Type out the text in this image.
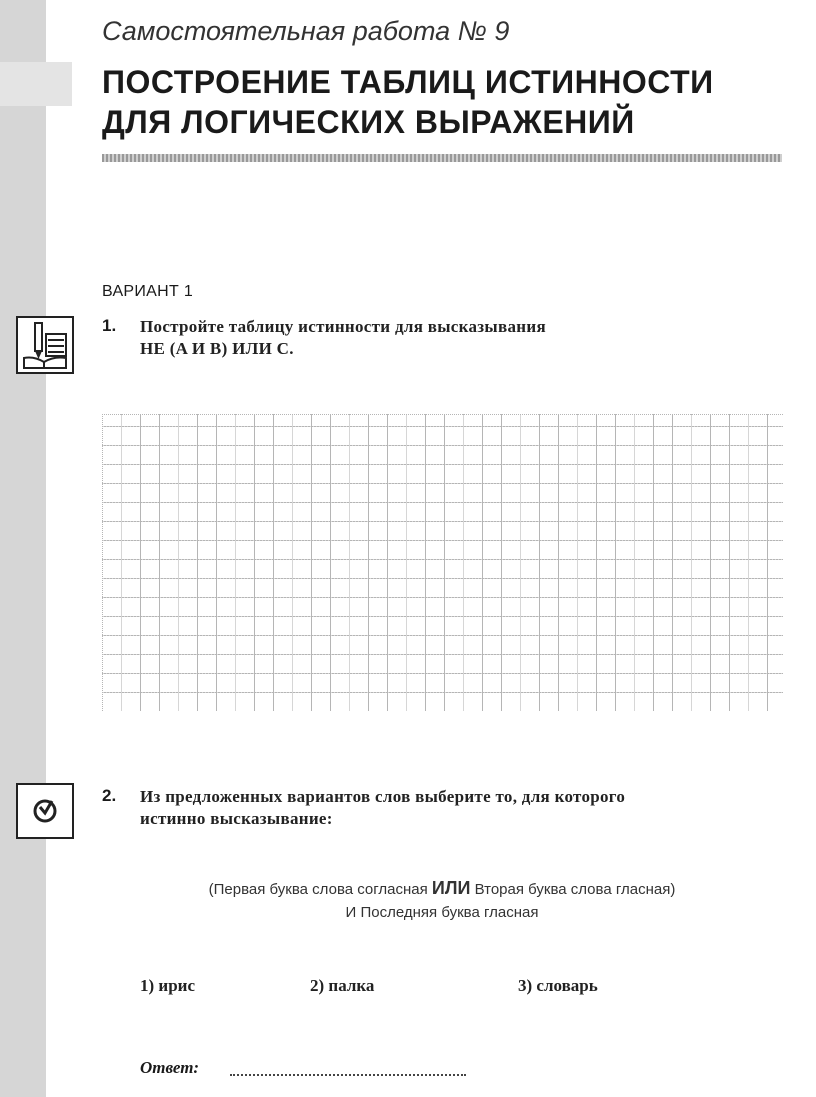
Самостоятельная работа № 9
ПОСТРОЕНИЕ ТАБЛИЦ ИСТИННОСТИ
ДЛЯ ЛОГИЧЕСКИХ ВЫРАЖЕНИЙ
ВАРИАНТ 1
1. Постройте таблицу истинности для высказывания
НЕ (A И B) ИЛИ C.
2. Из предложенных вариантов слов выберите то, для которого
истинно высказывание:
(Первая буква слова согласная ИЛИ Вторая буква слова гласная)
И Последняя буква гласная
1) ирис	2) палка	3) словарь
Ответ:
